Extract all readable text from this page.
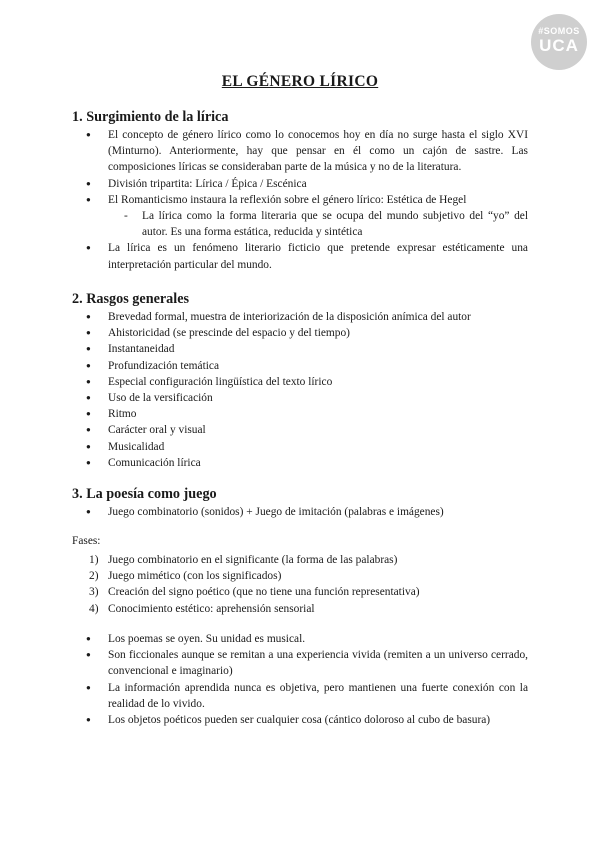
#SOMOS
UCA
EL GÉNERO LÍRICO
1. Surgimiento de la lírica
● El concepto de género lírico como lo conocemos hoy en día no surge hasta el siglo XVI (Minturno). Anteriormente, hay que pensar en él como un cajón de sastre. Las composiciones líricas se consideraban parte de la música y no de la literatura.
● División tripartita: Lírica / Épica / Escénica
● El Romanticismo instaura la reflexión sobre el género lírico: Estética de Hegel
- La lírica como la forma literaria que se ocupa del mundo subjetivo del “yo” del autor. Es una forma estática, reducida y sintética
● La lírica es un fenómeno literario ficticio que pretende expresar estéticamente una interpretación particular del mundo.
2. Rasgos generales
● Brevedad formal, muestra de interiorización de la disposición anímica del autor
● Ahistoricidad (se prescinde del espacio y del tiempo)
● Instantaneidad
● Profundización temática
● Especial configuración lingüística del texto lírico
● Uso de la versificación
● Ritmo
● Carácter oral y visual
● Musicalidad
● Comunicación lírica
3. La poesía como juego
● Juego combinatorio (sonidos) + Juego de imitación (palabras e imágenes)
Fases:
1) Juego combinatorio en el significante (la forma de las palabras)
2) Juego mimético (con los significados)
3) Creación del signo poético (que no tiene una función representativa)
4) Conocimiento estético: aprehensión sensorial
● Los poemas se oyen. Su unidad es musical.
● Son ficcionales aunque se remitan a una experiencia vivida (remiten a un universo cerrado, convencional e imaginario)
● La información aprendida nunca es objetiva, pero mantienen una fuerte conexión con la realidad de lo vivido.
● Los objetos poéticos pueden ser cualquier cosa (cántico doloroso al cubo de basura)
